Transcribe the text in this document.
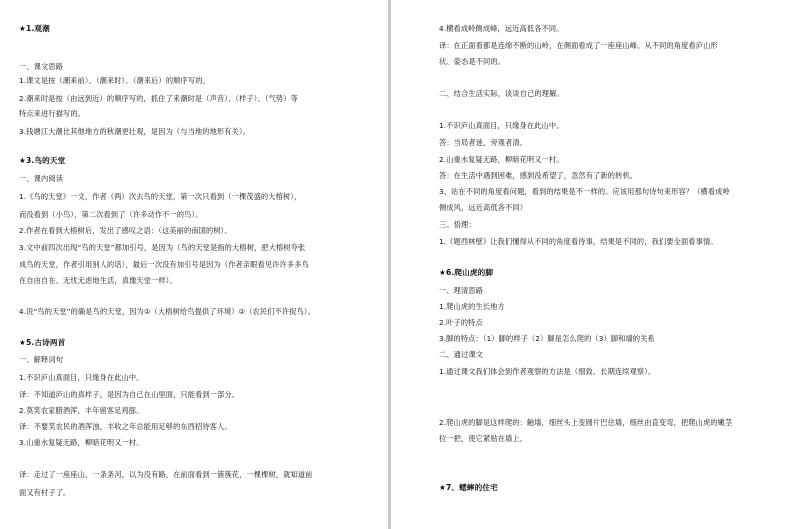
★1.观潮
一、课文思路
1.课文是按（潮来前）、（潮来时）、（潮来后）的顺序写的。
2.潮来时是按（由远到近）的顺序写的，抓住了来潮时是（声音）、（样子）、（气势）等
特点来进行描写的。
3.钱塘江大潮比其他地方的秋潮更壮观，是因为（与当地的地形有关）。
★3.鸟的天堂
一、课内阅读
1.《鸟的天堂》一文，作者（两）次去鸟的天堂，第一次只看到（一棵茂盛的大榕树），
而没看到（小鸟），第二次看到了（许多动作不一的鸟）。
2.作者在看到大榕树后，发出了感叹之语：（这美丽的南国的树）。
3.文中前四次出现“鸟的天堂”都加引号，是因为（鸟的天堂是指的大榕树，把大榕树夸张
成鸟的天堂，作者引用别人的话），最后一次没有加引号是因为（作者亲眼看见许许多多鸟
在自由自在、无忧无虑地生活，真像天堂一样）。
4.说“鸟的天堂”的确是鸟的天堂，因为①（大榕树给鸟提供了环境）②（农民们不许捉鸟）。
★5.古诗两首
一、解释词句
1.不识庐山真面目，只缘身在此山中。
译：不知道庐山的真样子，是因为自己在山里面，只能看到一部分。
2.莫笑农家腊酒浑，丰年留客足鸡豚。
译：不要笑农民的酒浑浊，丰收之年总能用足够的东西招待客人。
3.山重水复疑无路，柳暗花明又一村。
译：走过了一座座山，一条条河，以为没有路，在前面看到一簇簇花，一棵棵树，就知道前
面又有村子了。
4.横看成岭侧成峰，远近高低各不同。
译：在正面看都是连绵不断的山岭，在侧面看成了一座座山峰。从不同的角度看庐山形
状、姿态是不同的。
二、结合生活实际，谈谈自己的理解。
1.不识庐山真面目，只缘身在此山中。
答：当局者迷，旁观者清。
2.山重水复疑无路，柳暗花明又一村。
答：在生活中遇到困难，感到没希望了，忽然有了新的转机。
3、站在不同的角度看问题，看到的结果是不一样的。应该用那句诗句来形容？（横看成岭
侧成风，远近高低各不同）
三、悟理：
1.《题西林壁》让我们懂得从不同的角度看待事，结果是不同的，我们要全面看事情。
★6.爬山虎的脚
一、理清思路
1.爬山虎的生长地方
2.叶子的特点
3.脚的特点：（1）脚的样子（2）脚是怎么爬的（3）脚和墙的关系
二、通过课文
1.通过课文我们体会到作者观察的方法是（细致、长期连续观察）。
2.爬山虎的脚是这样爬的：触墙，细丝头上变圆片巴住墙，细丝由直变弯，把爬山虎的嫩茎
拉一把，使它紧贴在墙上。
★7、蟋蟀的住宅
